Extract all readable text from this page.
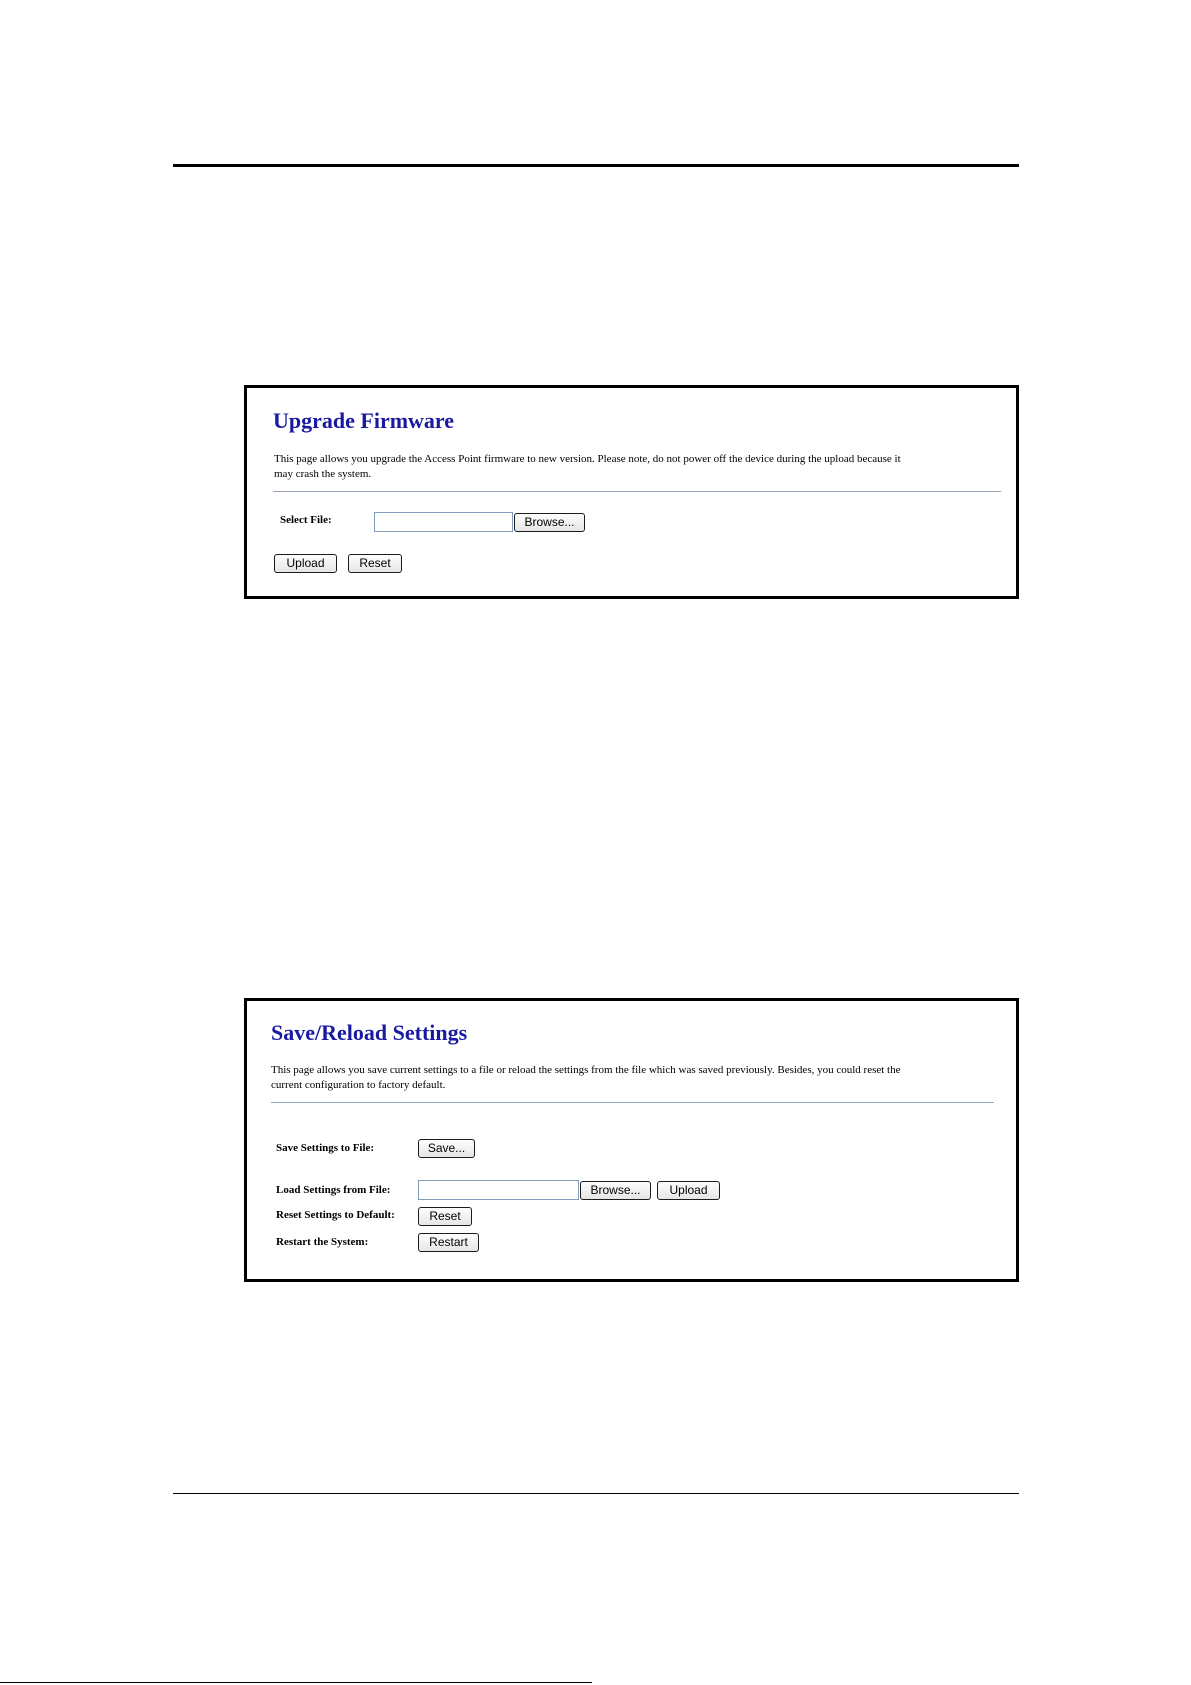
Upgrade Firmware

This page allows you upgrade the Access Point firmware to new version. Please note, do not power off the device during the upload because it
may crash the system.

Select File:	Browse...
Upload	Reset
Save/Reload Settings

This page allows you save current settings to a file or reload the settings from the file which was saved previously. Besides, you could reset the
current configuration to factory default.

Save Settings to File:	Save...
Load Settings from File:	Browse...	Upload
Reset Settings to Default:	Reset
Restart the System:	Restart
